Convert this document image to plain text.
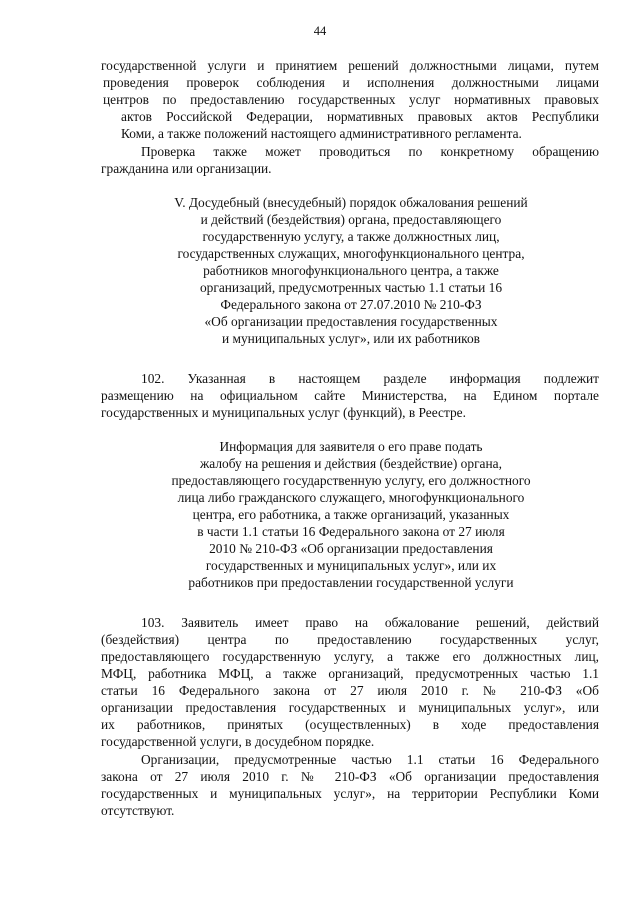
44
государственной услуги и принятием решений должностными лицами, путем
проведения проверок соблюдения и исполнения должностными лицами
центров по предоставлению государственных услуг нормативных правовых
актов Российской Федерации, нормативных правовых актов Республики
Коми, а также положений настоящего административного регламента.
Проверка также может проводиться по конкретному обращению
гражданина или организации.
V. Досудебный (внесудебный) порядок обжалования решений
и действий (бездействия) органа, предоставляющего
государственную услугу, а также должностных лиц,
государственных служащих, многофункционального центра,
работников многофункционального центра, а также
организаций, предусмотренных частью 1.1 статьи 16
Федерального закона от 27.07.2010 № 210-ФЗ
«Об организации предоставления государственных
и муниципальных услуг», или их работников
102. Указанная в настоящем разделе информация подлежит
размещению на официальном сайте Министерства, на Едином портале
государственных и муниципальных услуг (функций), в Реестре.
Информация для заявителя о его праве подать
жалобу на решения и действия (бездействие) органа,
предоставляющего государственную услугу, его должностного
лица либо гражданского служащего, многофункционального
центра, его работника, а также организаций, указанных
в части 1.1 статьи 16 Федерального закона от 27 июля
2010 № 210-ФЗ «Об организации предоставления
государственных и муниципальных услуг», или их
работников при предоставлении государственной услуги
103. Заявитель имеет право на обжалование решений, действий
(бездействия) центра по предоставлению государственных услуг,
предоставляющего государственную услугу, а также его должностных лиц,
МФЦ, работника МФЦ, а также организаций, предусмотренных частью 1.1
статьи 16 Федерального закона от 27 июля 2010 г. № 210-ФЗ «Об
организации предоставления государственных и муниципальных услуг», или
их работников, принятых (осуществленных) в ходе предоставления
государственной услуги, в досудебном порядке.
Организации, предусмотренные частью 1.1 статьи 16 Федерального
закона от 27 июля 2010 г. № 210-ФЗ «Об организации предоставления
государственных и муниципальных услуг», на территории Республики Коми
отсутствуют.
